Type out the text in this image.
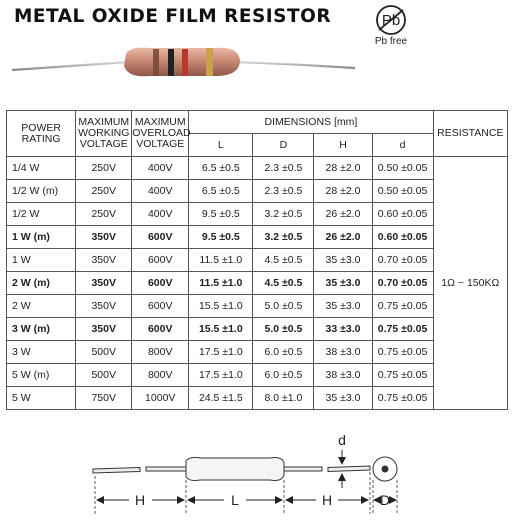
METAL OXIDE FILM RESISTOR	Pb
Pb free
POWER
RATING	MAXIMUM
WORKING
VOLTAGE	MAXIMUM
OVERLOAD
VOLTAGE	DIMENSIONS [mm]				RESISTANCE
			L	D	H	d	
1/4 W	250V	400V	6.5 ±0.5	2.3 ±0.5	28 ±2.0	0.50 ±0.05	1Ω ~ 150KΩ
1/2 W (m)	250V	400V	6.5 ±0.5	2.3 ±0.5	28 ±2.0	0.50 ±0.05	
1/2 W	250V	400V	9.5 ±0.5	3.2 ±0.5	26 ±2.0	0.60 ±0.05	
1 W (m)	350V	600V	9.5 ±0.5	3.2 ±0.5	26 ±2.0	0.60 ±0.05	
1 W	350V	600V	11.5 ±1.0	4.5 ±0.5	35 ±3.0	0.70 ±0.05	
2 W (m)	350V	600V	11.5 ±1.0	4.5 ±0.5	35 ±3.0	0.70 ±0.05	
2 W	350V	600V	15.5 ±1.0	5.0 ±0.5	35 ±3.0	0.75 ±0.05	
3 W (m)	350V	600V	15.5 ±1.0	5.0 ±0.5	33 ±3.0	0.75 ±0.05	
3 W	500V	800V	17.5 ±1.0	6.0 ±0.5	38 ±3.0	0.75 ±0.05	
5 W (m)	500V	800V	17.5 ±1.0	6.0 ±0.5	38 ±3.0	0.75 ±0.05	
5 W	750V	1000V	24.5 ±1.5	8.0 ±1.0	35 ±3.0	0.75 ±0.05	
H	L	H	D
d
